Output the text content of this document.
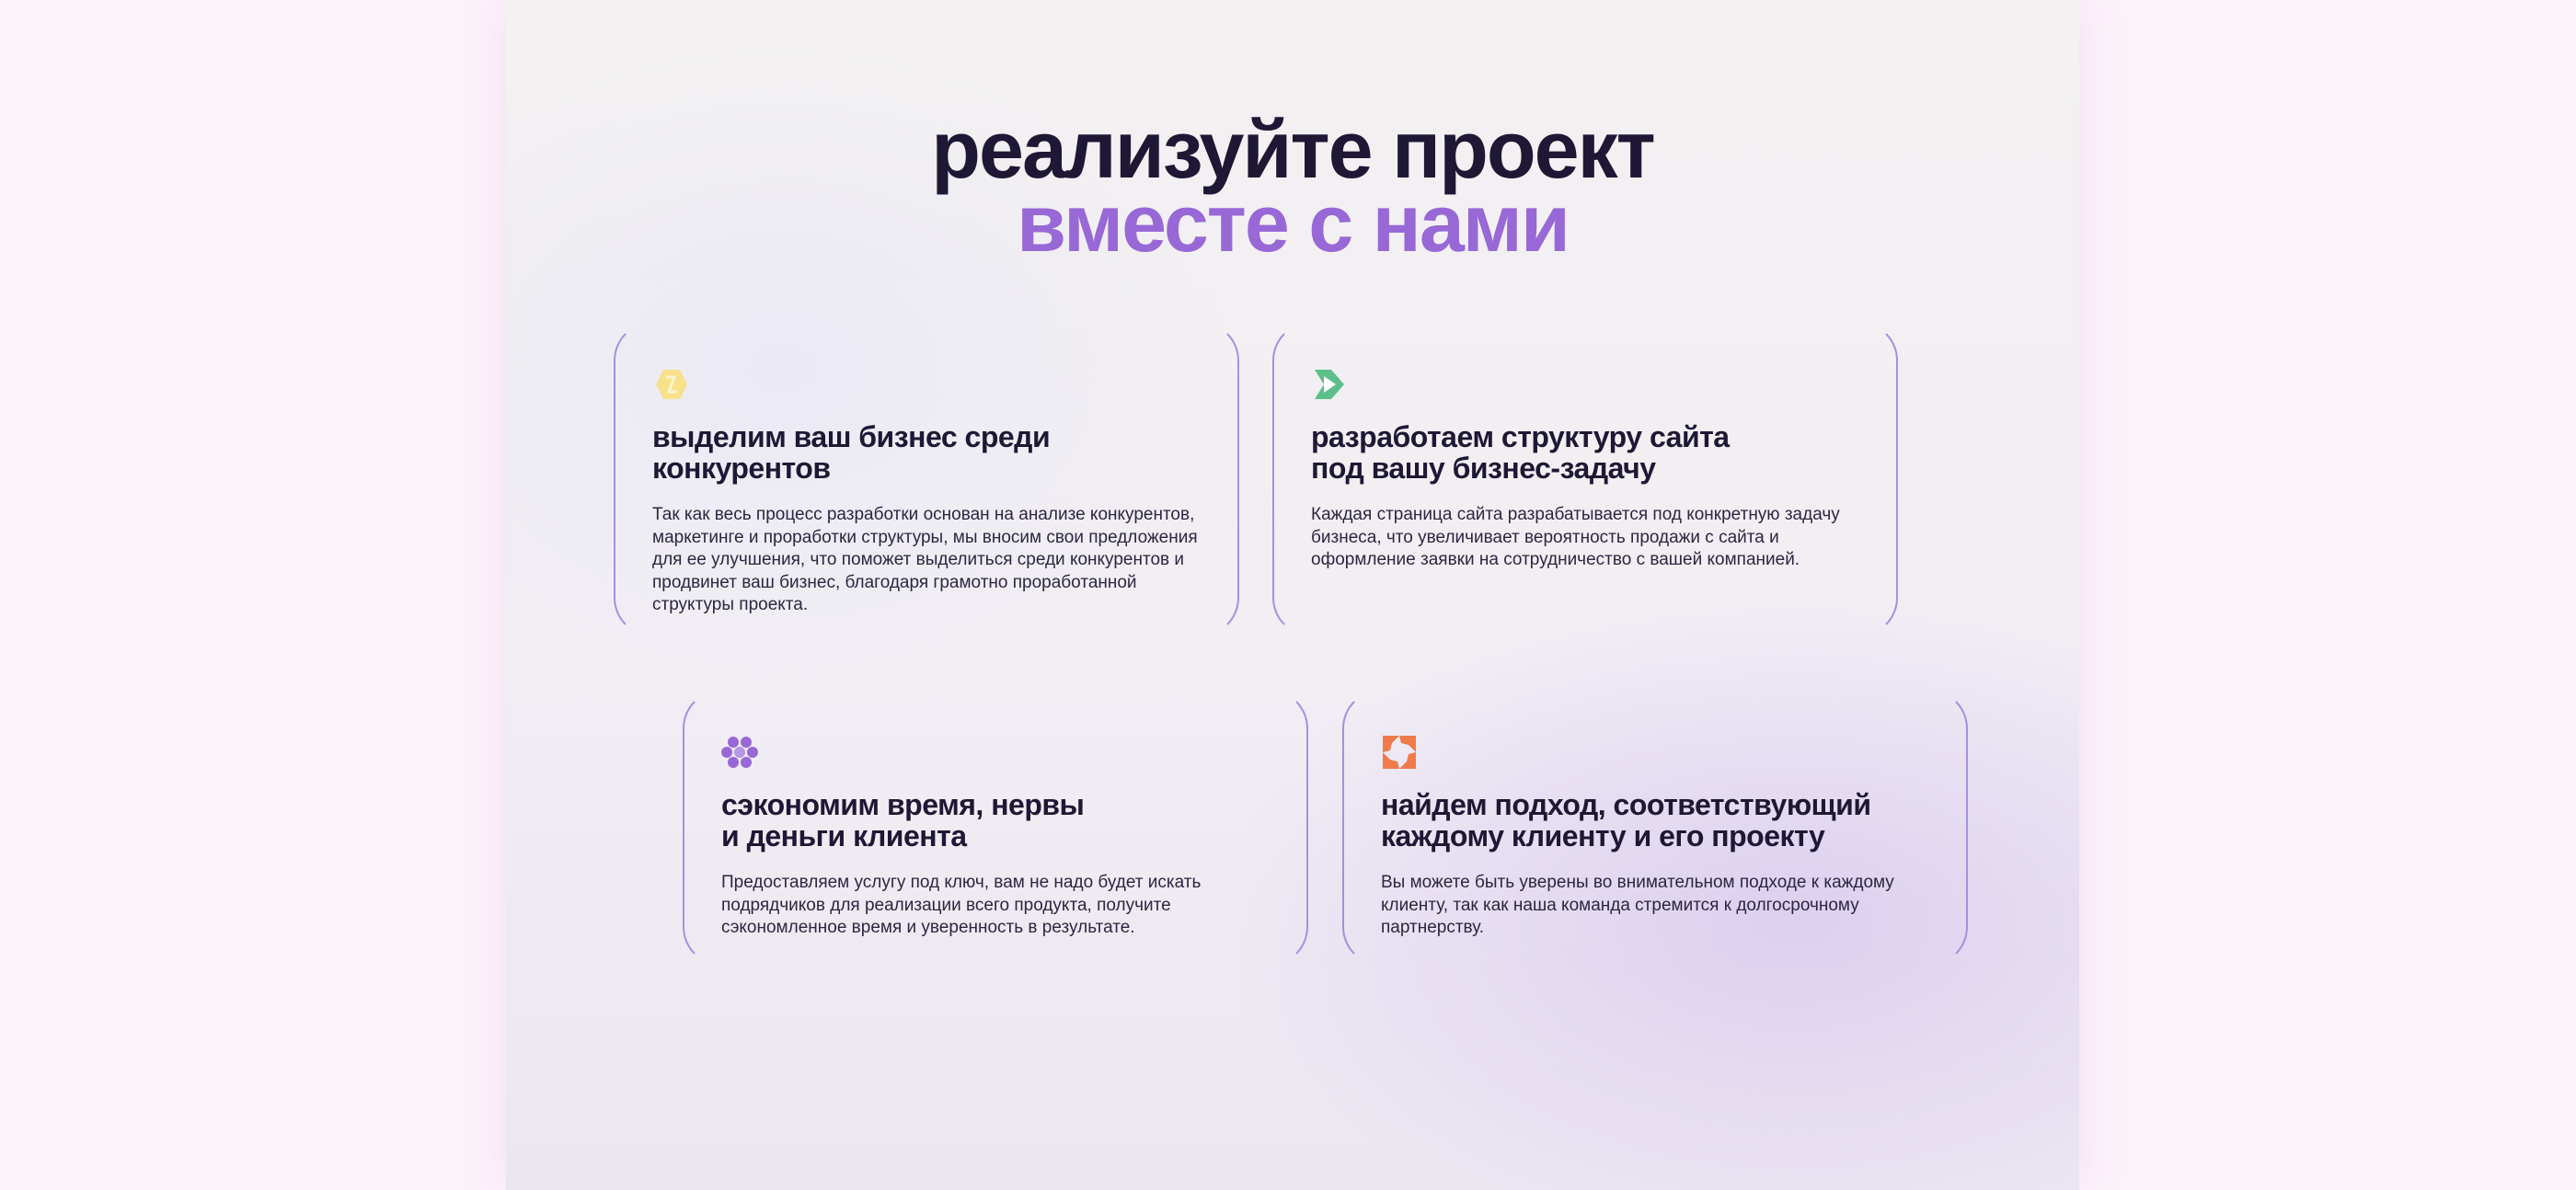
реализуйте проект
вместе с нами
выделим ваш бизнес среди
конкурентов

Так как весь процесс разработки основан на анализе конкурентов, маркетинге и проработки структуры, мы вносим свои предложения для ее улучшения, что поможет выделиться среди конкурентов и продвинет ваш бизнес, благодаря грамотно проработанной структуры проекта.

разработаем структуру сайта
под вашу бизнес-задачу

Каждая страница сайта разрабатывается под конкретную задачу бизнеса, что увеличивает вероятность продажи с сайта и оформление заявки на сотрудничество с вашей компанией.

сэкономим время, нервы
и деньги клиента

Предоставляем услугу под ключ, вам не надо будет искать подрядчиков для реализации всего продукта, получите сэкономленное время и уверенность в результате.

найдем подход, соответствующий
каждому клиенту и его проекту

Вы можете быть уверены во внимательном подходе к каждому клиенту, так как наша команда стремится к долгосрочному партнерству.
